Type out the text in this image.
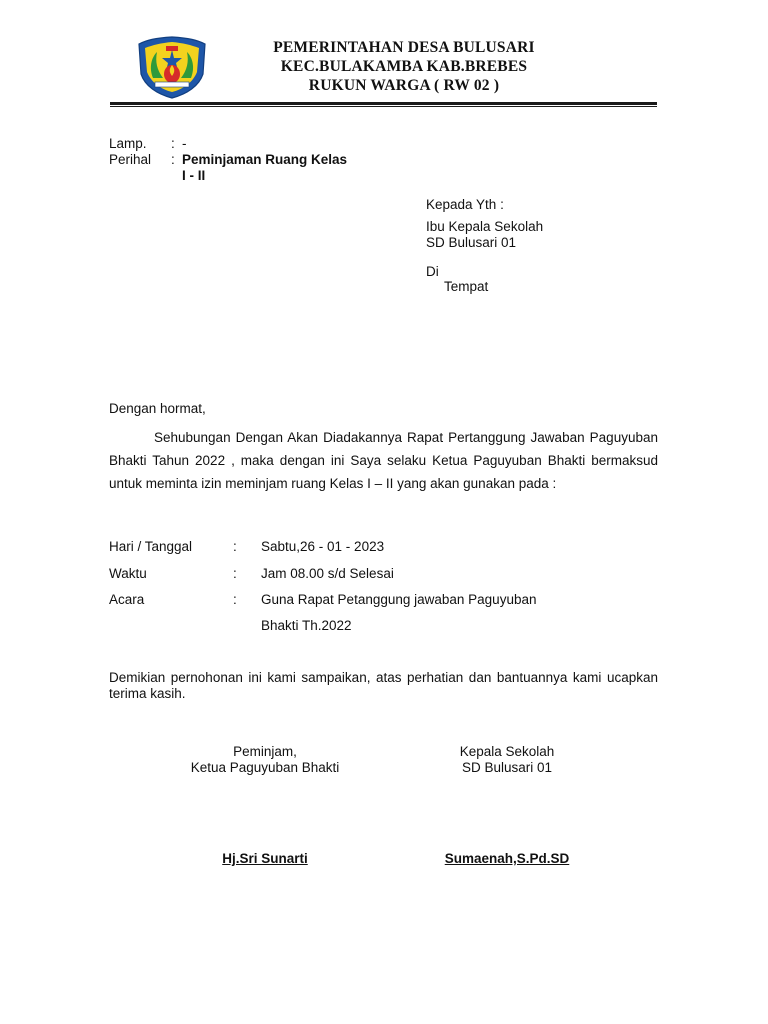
PEMERINTAHAN DESA BULUSARI
KEC.BULAKAMBA KAB.BREBES
RUKUN WARGA ( RW 02 )
Lamp. : -
Perihal : Peminjaman Ruang Kelas
I - II
Kepada Yth :
Ibu Kepala Sekolah
SD Bulusari 01
Di
Tempat
Dengan hormat,
Sehubungan Dengan Akan Diadakannya Rapat Pertanggung Jawaban Paguyuban Bhakti Tahun 2022 , maka dengan ini Saya selaku Ketua Paguyuban Bhakti bermaksud untuk meminta izin meminjam ruang Kelas I – II yang akan gunakan pada :
Hari / Tanggal	: Sabtu,26 - 01 - 2023
Waktu	: Jam 08.00 s/d Selesai
Acara	: Guna Rapat Petanggung jawaban Paguyuban
Bhakti Th.2022
Demikian pernohonan ini kami sampaikan, atas perhatian dan bantuannya kami ucapkan terima kasih.
Peminjam,
Ketua Paguyuban Bhakti
Hj.Sri Sunarti
Kepala Sekolah
SD Bulusari 01
Sumaenah,S.Pd.SD
